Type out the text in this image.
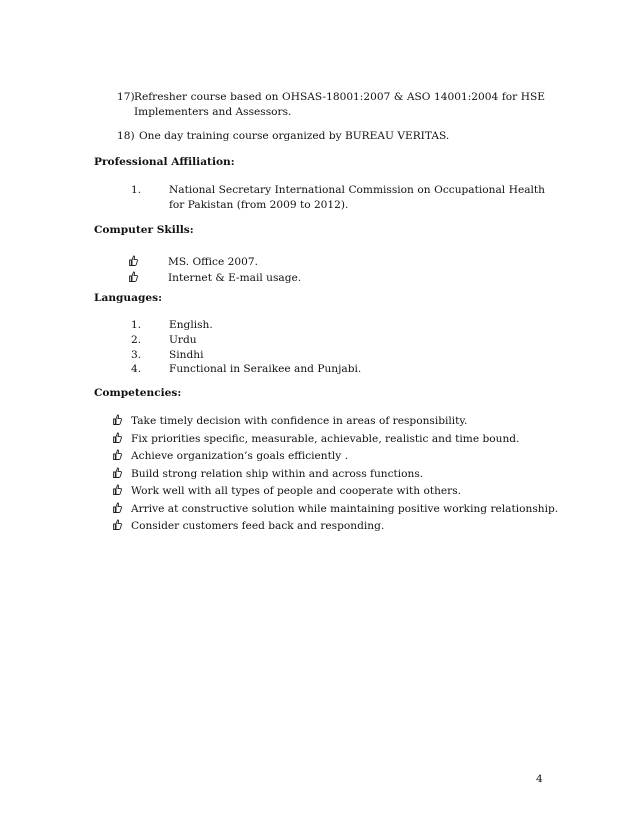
17) Refresher course based on OHSAS-18001:2007 & ASO 14001:2004 for HSE Implementers and Assessors.
18) One day training course organized by BUREAU VERITAS.
Professional Affiliation:
1.	National Secretary International Commission on Occupational Health for Pakistan (from 2009 to 2012).
Computer Skills:
MS. Office 2007.
Internet & E-mail usage.
Languages:
1.	English.
2.	Urdu
3.	Sindhi
4.	Functional in Seraikee and Punjabi.
Competencies:
Take timely decision with confidence in areas of responsibility.
Fix priorities specific, measurable, achievable, realistic and time bound.
Achieve organization’s goals efficiently .
Build strong relation ship within and across functions.
Work well with all types of people and cooperate with others.
Arrive at constructive solution while maintaining positive working relationship.
Consider customers feed back and responding.
4
